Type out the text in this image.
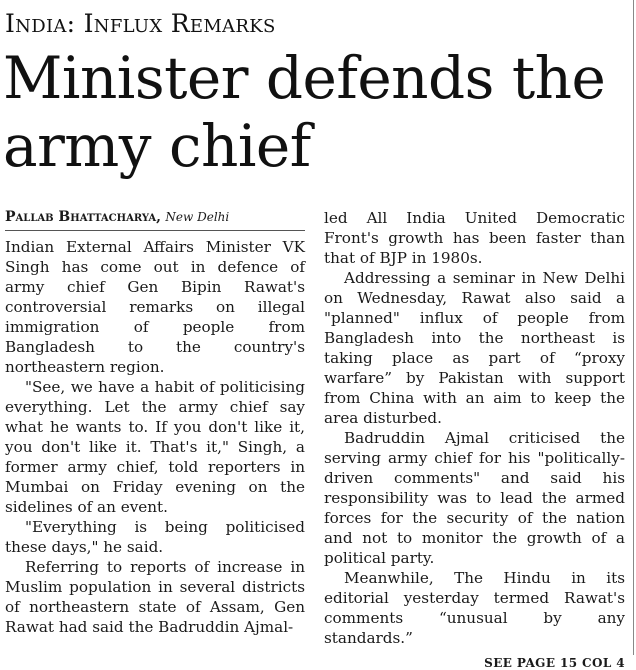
India: Influx Remarks
Minister defends the army chief
Pallab Bhattacharya, New Delhi

Indian External Affairs Minister VK Singh has come out in defence of army chief Gen Bipin Rawat's controversial remarks on illegal immigration of people from Bangladesh to the country's northeastern region.

"See, we have a habit of politicising everything. Let the army chief say what he wants to. If you don't like it, you don't like it. That's it," Singh, a former army chief, told reporters in Mumbai on Friday evening on the sidelines of an event.

"Everything is being politicised these days," he said.

Referring to reports of increase in Muslim population in several districts of northeastern state of Assam, Gen Rawat had said the Badruddin Ajmal-

led All India United Democratic Front's growth has been faster than that of BJP in 1980s.

Addressing a seminar in New Delhi on Wednesday, Rawat also said a "planned" influx of people from Bangladesh into the northeast is taking place as part of “proxy warfare” by Pakistan with support from China with an aim to keep the area disturbed.

Badruddin Ajmal criticised the serving army chief for his "politically-driven comments" and said his responsibility was to lead the armed forces for the security of the nation and not to monitor the growth of a political party.

Meanwhile, The Hindu in its editorial yesterday termed Rawat's comments “unusual by any standards.”

SEE PAGE 15 COL 4
